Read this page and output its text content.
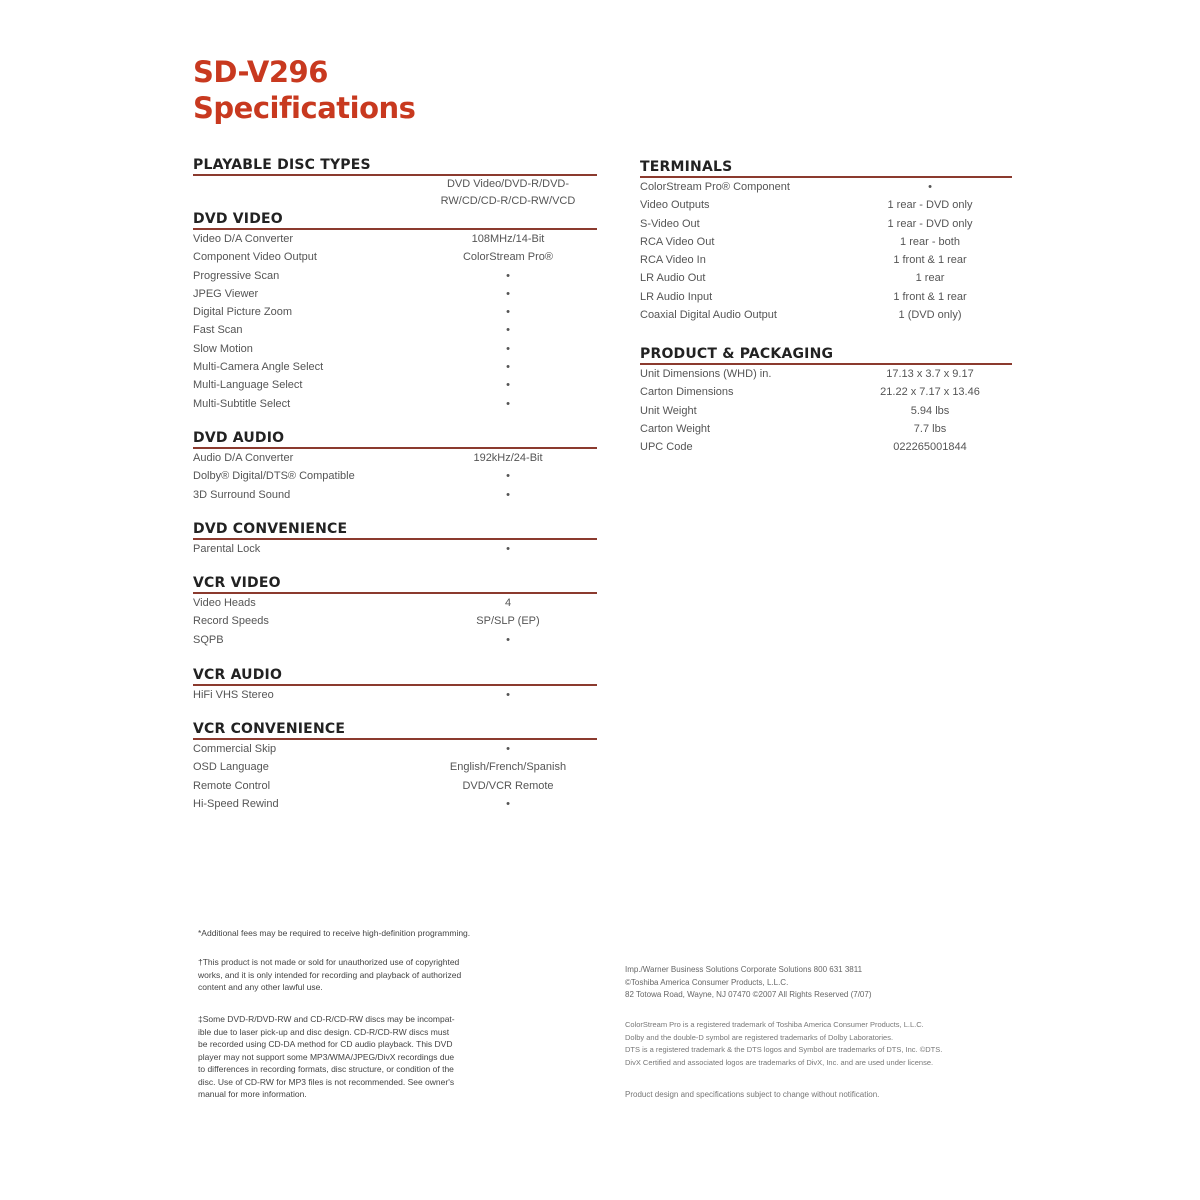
SD-V296
Specifications
PLAYABLE DISC TYPES
DVD Video/DVD-R/DVD-
RW/CD/CD-R/CD-RW/VCD
DVD VIDEO
Video D/A Converter	108MHz/14-Bit
Component Video Output	ColorStream Pro®
Progressive Scan	•
JPEG Viewer	•
Digital Picture Zoom	•
Fast Scan	•
Slow Motion	•
Multi-Camera Angle Select	•
Multi-Language Select	•
Multi-Subtitle Select	•
DVD AUDIO
Audio D/A Converter	192kHz/24-Bit
Dolby® Digital/DTS® Compatible	•
3D Surround Sound	•
DVD CONVENIENCE
Parental Lock	•
VCR VIDEO
Video Heads	4
Record Speeds	SP/SLP (EP)
SQPB	•
VCR AUDIO
HiFi VHS Stereo	•
VCR CONVENIENCE
Commercial Skip	•
OSD Language	English/French/Spanish
Remote Control	DVD/VCR Remote
Hi-Speed Rewind	•
TERMINALS
ColorStream Pro® Component	•
Video Outputs	1 rear - DVD only
S-Video Out	1 rear - DVD only
RCA Video Out	1 rear - both
RCA Video In	1 front & 1 rear
LR Audio Out	1 rear
LR Audio Input	1 front & 1 rear
Coaxial Digital Audio Output	1 (DVD only)
PRODUCT & PACKAGING
Unit Dimensions (WHD) in.	17.13 x 3.7 x 9.17
Carton Dimensions	21.22 x 7.17 x 13.46
Unit Weight	5.94 lbs
Carton Weight	7.7 lbs
UPC Code	022265001844
*Additional fees may be required to receive high-definition programming.
†This product is not made or sold for unauthorized use of copyrighted
works, and it is only intended for recording and playback of authorized
content and any other lawful use.
‡Some DVD-R/DVD-RW and CD-R/CD-RW discs may be incompat-
ible due to laser pick-up and disc design. CD-R/CD-RW discs must
be recorded using CD-DA method for CD audio playback. This DVD
player may not support some MP3/WMA/JPEG/DivX recordings due
to differences in recording formats, disc structure, or condition of the
disc. Use of CD-RW for MP3 files is not recommended. See owner's
manual for more information.
Imp./Warner Business Solutions Corporate Solutions 800 631 3811
©Toshiba America Consumer Products, L.L.C.
82 Totowa Road, Wayne, NJ 07470 ©2007 All Rights Reserved (7/07)
ColorStream Pro is a registered trademark of Toshiba America Consumer Products, L.L.C.
Dolby and the double-D symbol are registered trademarks of Dolby Laboratories.
DTS is a registered trademark & the DTS logos and Symbol are trademarks of DTS, Inc. ©DTS.
DivX Certified and associated logos are trademarks of DivX, Inc. and are used under license.
Product design and specifications subject to change without notification.
